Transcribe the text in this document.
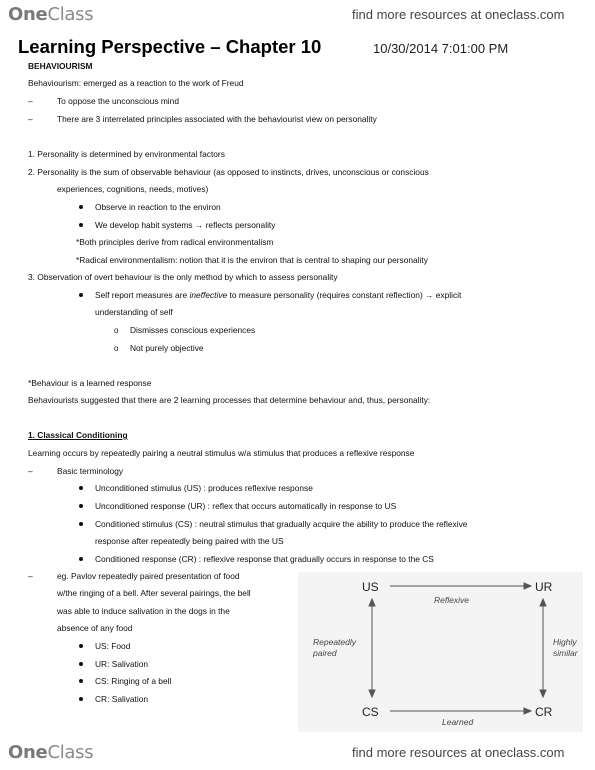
OneClass	find more resources at oneclass.com
Learning Perspective – Chapter 10	10/30/2014 7:01:00 PM
BEHAVIOURISM
Behaviourism: emerged as a reaction to the work of Freud
–	To oppose the unconscious mind
–	There are 3 interrelated principles associated with the behaviourist view on personality
1. Personality is determined by environmental factors
2. Personality is the sum of observable behaviour (as opposed to instincts, drives, unconscious or conscious
experiences, cognitions, needs, motives)
Observe in reaction to the environ
We develop habit systems → reflects personality
*Both principles derive from radical environmentalism
*Radical environmentalism: notion that it is the environ that is central to shaping our personality
3. Observation of overt behaviour is the only method by which to assess personality
Self report measures are ineffective to measure personality (requires constant reflection) → explicit
understanding of self
o Dismisses conscious experiences
o Not purely objective
*Behaviour is a learned response
Behaviourists suggested that there are 2 learning processes that determine behaviour and, thus, personality:
1. Classical Conditioning
Learning occurs by repeatedly pairing a neutral stimulus w/a stimulus that produces a reflexive response
–	Basic terminology
Unconditioned stimulus (US) : produces reflexive response
Unconditioned response (UR) : reflex that occurs automatically in response to US
Conditioned stimulus (CS) : neutral stimulus that gradually acquire the ability to produce the reflexive
response after repeatedly being paired with the US
Conditioned response (CR) : reflexive response that gradually occurs in response to the CS
–	eg. Pavlov repeatedly paired presentation of food
w/the ringing of a bell. After several pairings, the bell
was able to induce salivation in the dogs in the
absence of any food
US: Food
UR: Salivation
CS: Ringing of a bell
CR: Salivation
US	UR
CS	CR
Reflexive
Learned
Repeatedly
paired
Highly
similar
OneClass	find more resources at oneclass.com
